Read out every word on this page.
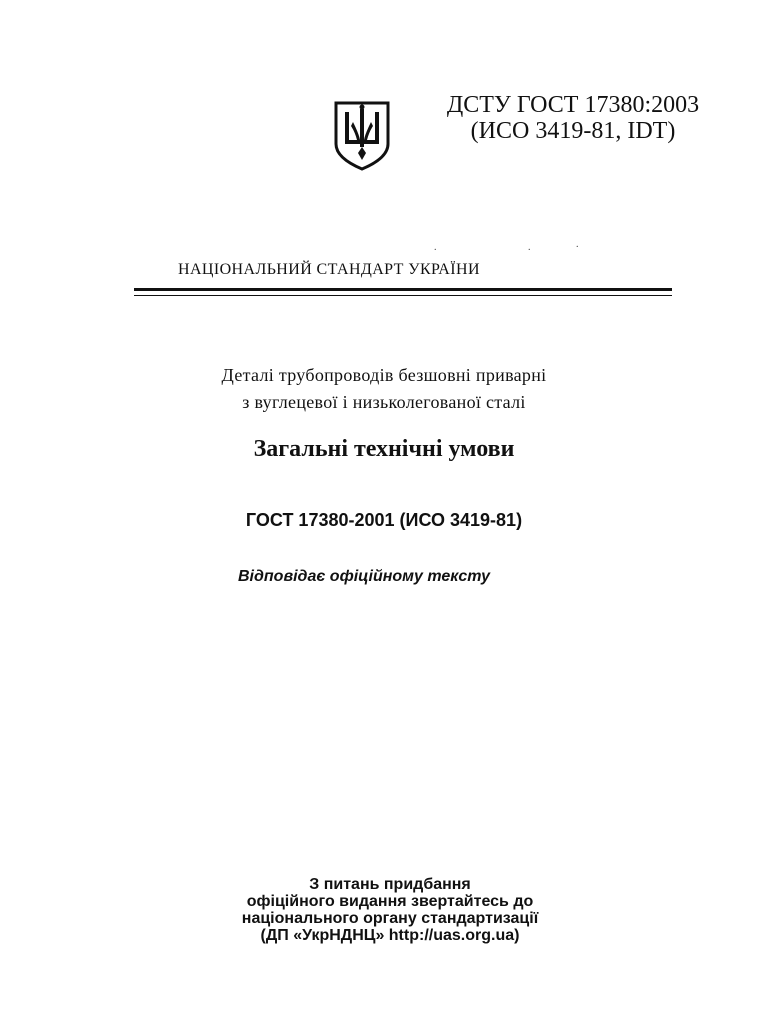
ДСТУ ГОСТ 17380:2003
(ИСО 3419-81, IDT)
.	.	.
НАЦІОНАЛЬНИЙ СТАНДАРТ УКРАЇНИ
Деталі трубопроводів безшовні приварні
з вуглецевої і низьколегованої сталі
Загальні технічні умови
ГОСТ 17380-2001 (ИСО 3419-81)
Відповідає офіційному тексту
З питань придбання
офіційного видання звертайтесь до
національного органу стандартизації
(ДП «УкрНДНЦ» http://uas.org.ua)
